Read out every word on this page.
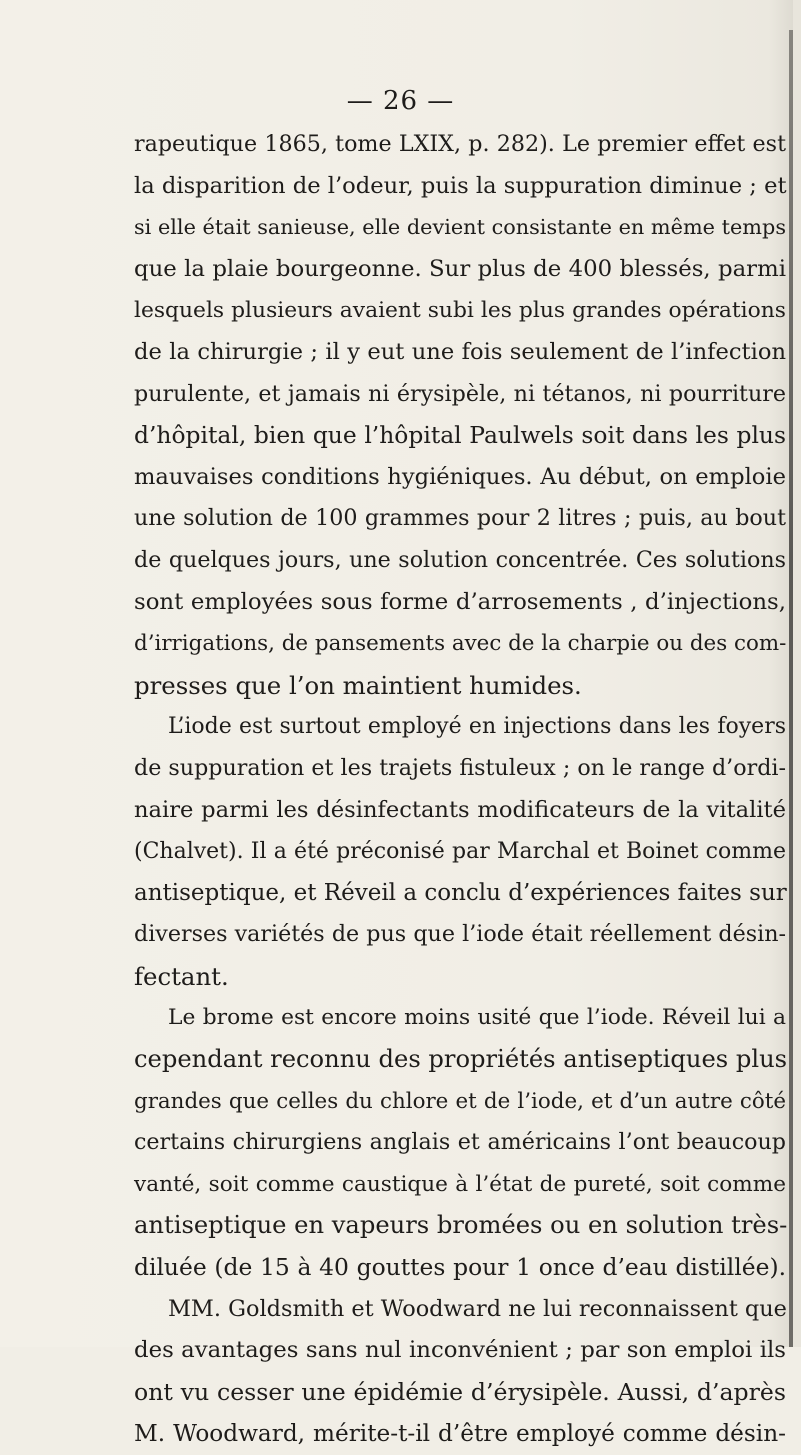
— 26 —
rapeutique 1865, tome LXIX, p. 282). Le premier effet est
la disparition de l’odeur, puis la suppuration diminue ; et
si elle était sanieuse, elle devient consistante en même temps
que la plaie bourgeonne. Sur plus de 400 blessés, parmi
lesquels plusieurs avaient subi les plus grandes opérations
de la chirurgie ; il y eut une fois seulement de l’infection
purulente, et jamais ni érysipèle, ni tétanos, ni pourriture
d’hôpital, bien que l’hôpital Paulwels soit dans les plus
mauvaises conditions hygiéniques. Au début, on emploie
une solution de 100 grammes pour 2 litres ; puis, au bout
de quelques jours, une solution concentrée. Ces solutions
sont employées sous forme d’arrosements , d’injections,
d’irrigations, de pansements avec de la charpie ou des com-
presses que l’on maintient humides.
L’iode est surtout employé en injections dans les foyers
de suppuration et les trajets fistuleux ; on le range d’ordi-
naire parmi les désinfectants modificateurs de la vitalité
(Chalvet). Il a été préconisé par Marchal et Boinet comme
antiseptique, et Réveil a conclu d’expériences faites sur
diverses variétés de pus que l’iode était réellement désin-
fectant.
Le brome est encore moins usité que l’iode. Réveil lui a
cependant reconnu des propriétés antiseptiques plus
grandes que celles du chlore et de l’iode, et d’un autre côté
certains chirurgiens anglais et américains l’ont beaucoup
vanté, soit comme caustique à l’état de pureté, soit comme
antiseptique en vapeurs bromées ou en solution très-
diluée (de 15 à 40 gouttes pour 1 once d’eau distillée).
MM. Goldsmith et Woodward ne lui reconnaissent que
des avantages sans nul inconvénient ; par son emploi ils
ont vu cesser une épidémie d’érysipèle. Aussi, d’après
M. Woodward, mérite-t-il d’être employé comme désin-
